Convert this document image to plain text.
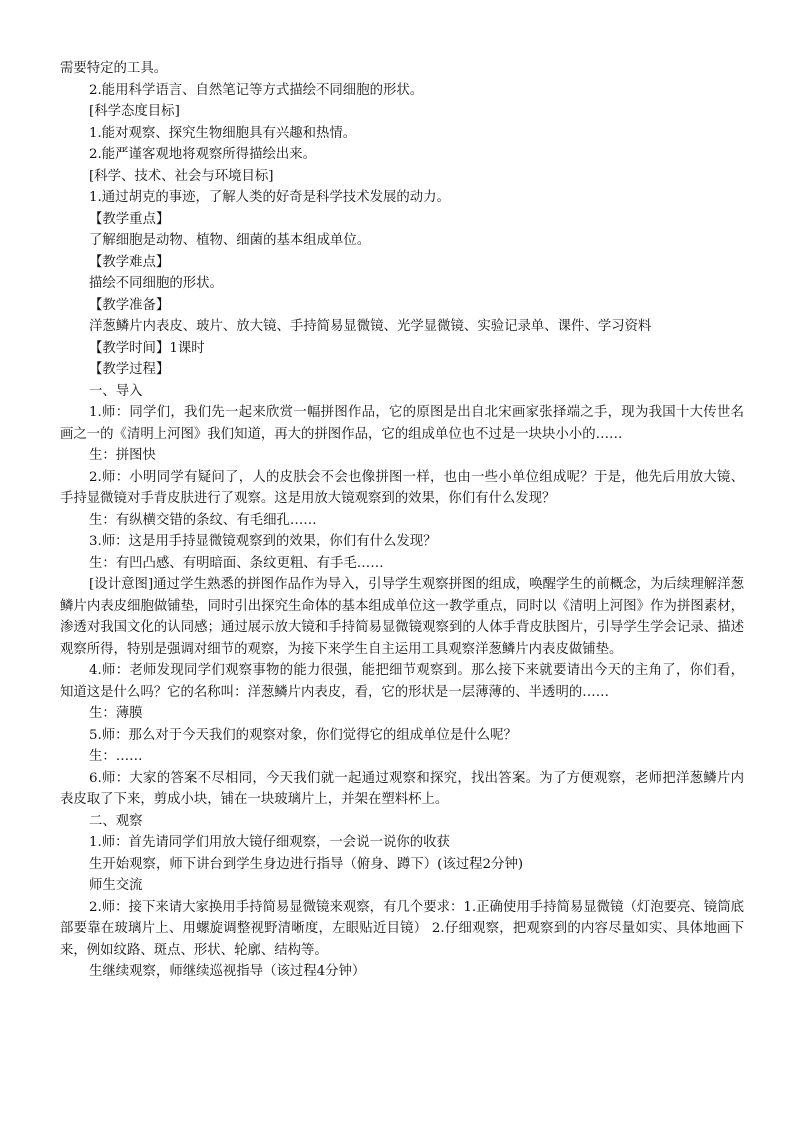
需要特定的工具。

2.能用科学语言、自然笔记等方式描绘不同细胞的形状。

[科学态度目标]

1.能对观察、探究生物细胞具有兴趣和热情。

2.能严谨客观地将观察所得描绘出来。

[科学、技术、社会与环境目标]

1.通过胡克的事迹，了解人类的好奇是科学技术发展的动力。

【教学重点】

了解细胞是动物、植物、细菌的基本组成单位。

【教学难点】

描绘不同细胞的形状。

【教学准备】

洋葱鳞片内表皮、玻片、放大镜、手持简易显微镜、光学显微镜、实验记录单、课件、学习资料

【教学时间】1课时

【教学过程】

一、导入

1.师：同学们，我们先一起来欣赏一幅拼图作品，它的原图是出自北宋画家张择端之手，现为我国十大传世名画之一的《清明上河图》我们知道，再大的拼图作品，它的组成单位也不过是一块块小小的……

生：拼图快

2.师：小明同学有疑问了，人的皮肤会不会也像拼图一样，也由一些小单位组成呢？于是，他先后用放大镜、手持显微镜对手背皮肤进行了观察。这是用放大镜观察到的效果，你们有什么发现？

生：有纵横交错的条纹、有毛细孔……

3.师：这是用手持显微镜观察到的效果，你们有什么发现？

生：有凹凸感、有明暗面、条纹更粗、有手毛……

[设计意图]通过学生熟悉的拼图作品作为导入，引导学生观察拼图的组成，唤醒学生的前概念，为后续理解洋葱鳞片内表皮细胞做铺垫，同时引出探究生命体的基本组成单位这一教学重点，同时以《清明上河图》作为拼图素材，渗透对我国文化的认同感；通过展示放大镜和手持简易显微镜观察到的人体手背皮肤图片，引导学生学会记录、描述观察所得，特别是强调对细节的观察，为接下来学生自主运用工具观察洋葱鳞片内表皮做铺垫。

4.师：老师发现同学们观察事物的能力很强，能把细节观察到。那么接下来就要请出今天的主角了，你们看，知道这是什么吗？它的名称叫：洋葱鳞片内表皮，看，它的形状是一层薄薄的、半透明的……

生：薄膜

5.师：那么对于今天我们的观察对象，你们觉得它的组成单位是什么呢？

生：……

6.师：大家的答案不尽相同，今天我们就一起通过观察和探究，找出答案。为了方便观察，老师把洋葱鳞片内表皮取了下来，剪成小块，铺在一块玻璃片上，并架在塑料杯上。

二、观察

1.师：首先请同学们用放大镜仔细观察，一会说一说你的收获

生开始观察，师下讲台到学生身边进行指导（俯身、蹲下）(该过程2分钟)

师生交流

2.师：接下来请大家换用手持简易显微镜来观察，有几个要求：1.正确使用手持简易显微镜（灯泡要亮、镜筒底部要靠在玻璃片上、用螺旋调整视野清晰度，左眼贴近目镜） 2.仔细观察，把观察到的内容尽量如实、具体地画下来，例如纹路、斑点、形状、轮廓、结构等。

生继续观察，师继续巡视指导（该过程4分钟）
